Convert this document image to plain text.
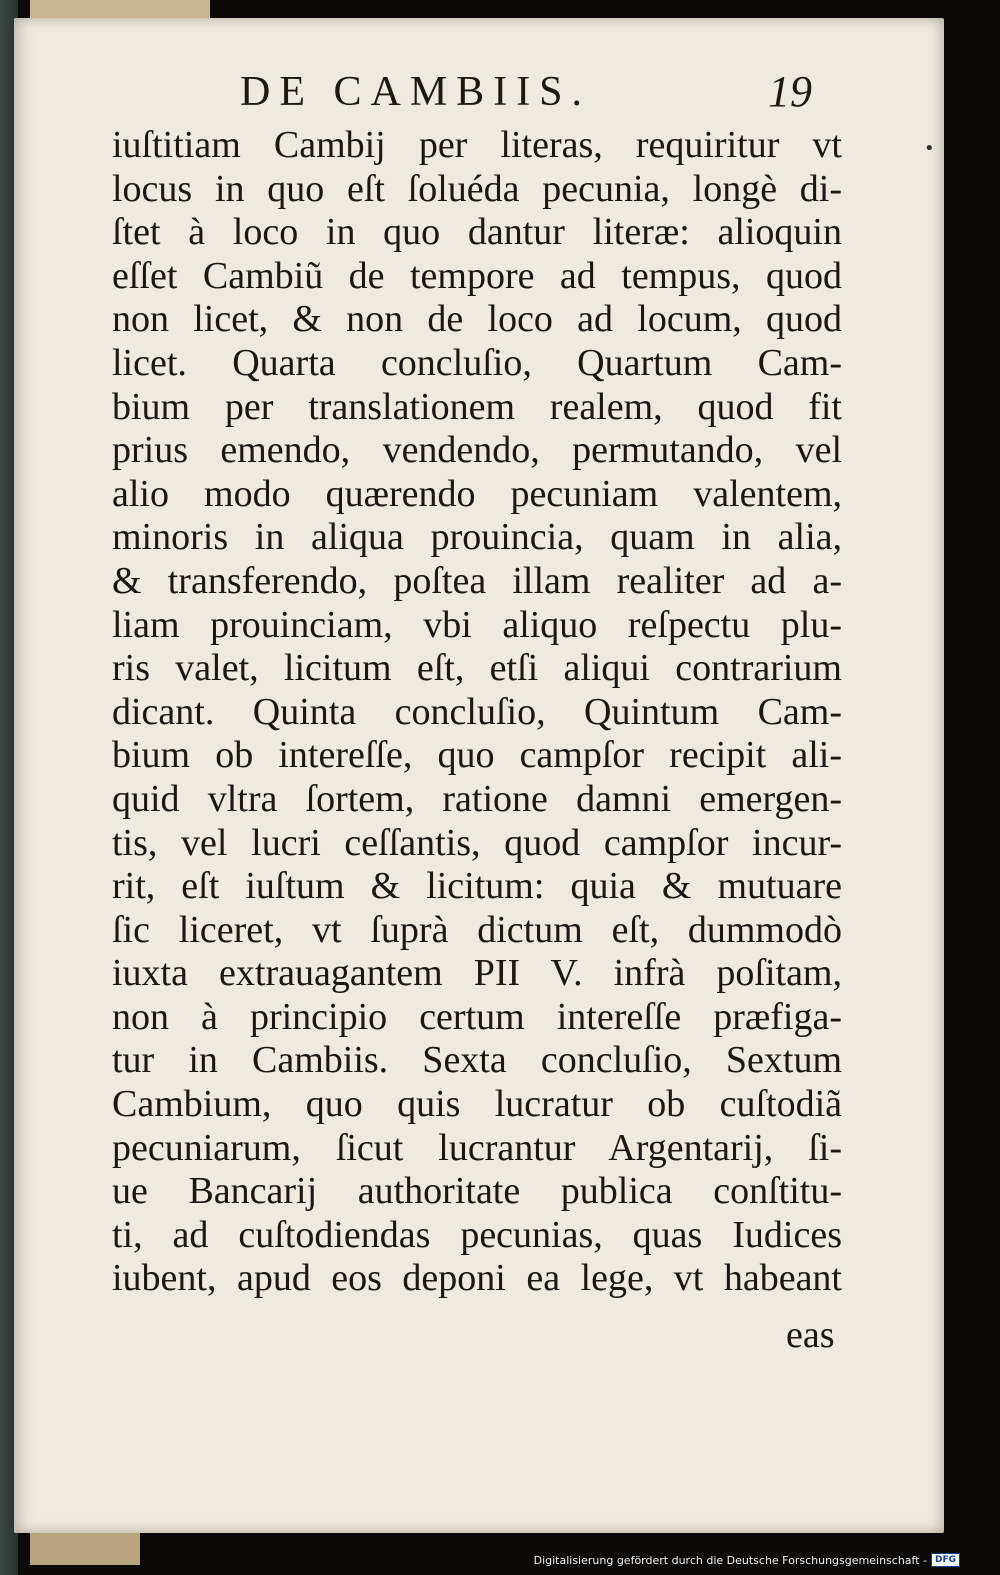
DE CAMBIIS.	19
•
iuſtitiam Cambij per literas, requiritur vt
locus in quo eſt ſoluéda pecunia, longè di-
ſtet à loco in quo dantur literæ: alioquin
eſſet Cambiũ de tempore ad tempus, quod
non licet, & non de loco ad locum, quod
licet. Quarta concluſio, Quartum Cam-
bium per translationem realem, quod fit
prius emendo, vendendo, permutando, vel
alio modo quærendo pecuniam valentem,
minoris in aliqua prouincia, quam in alia,
& transferendo, poſtea illam realiter ad a-
liam prouinciam, vbi aliquo reſpectu plu-
ris valet, licitum eſt, etſi aliqui contrarium
dicant. Quinta concluſio, Quintum Cam-
bium ob intereſſe, quo campſor recipit ali-
quid vltra ſortem, ratione damni emergen-
tis, vel lucri ceſſantis, quod campſor incur-
rit, eſt iuſtum & licitum: quia & mutuare
ſic liceret, vt ſuprà dictum eſt, dummodò
iuxta extrauagantem PII V. infrà poſitam,
non à principio certum intereſſe præfiga-
tur in Cambiis. Sexta concluſio, Sextum
Cambium, quo quis lucratur ob cuſtodiã
pecuniarum, ſicut lucrantur Argentarij, ſi-
ue Bancarij authoritate publica conſtitu-
ti, ad cuſtodiendas pecunias, quas Iudices
iubent, apud eos deponi ea lege, vt habeant
eas
Digitalisierung gefördert durch die Deutsche Forschungsgemeinschaft - DFG
